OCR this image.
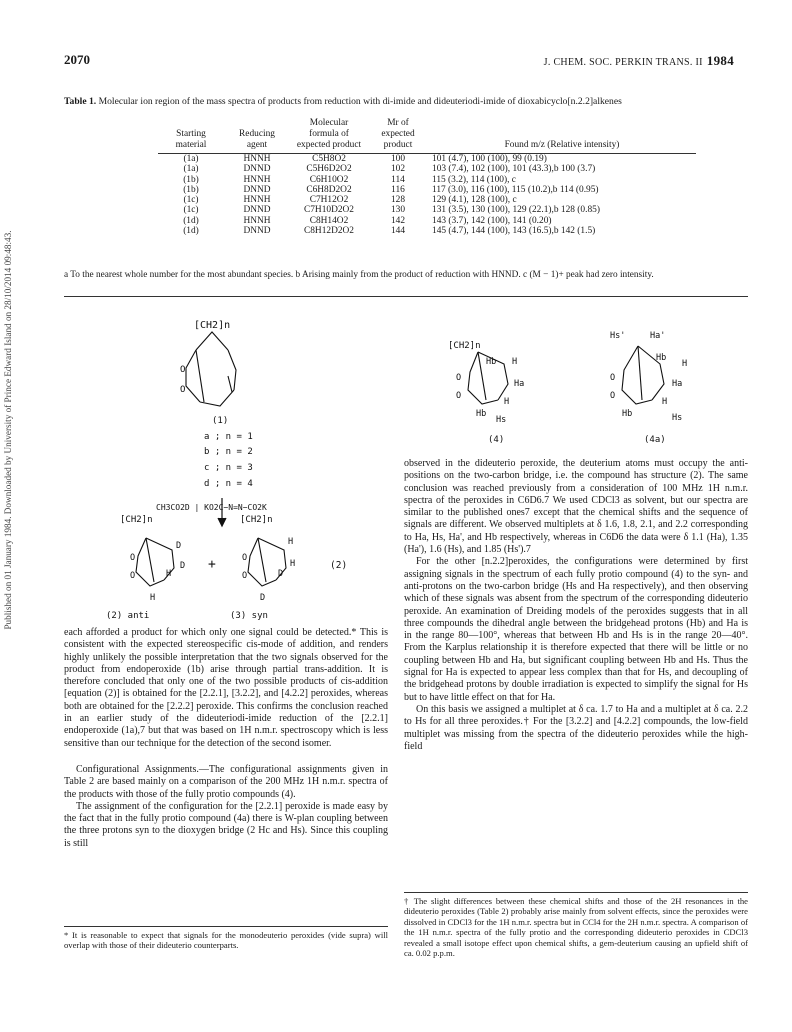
Published on 01 January 1984. Downloaded by University of Prince Edward Island on 28/10/2014 09:48:43.
2070	J. CHEM. SOC. PERKIN TRANS. II 1984
Table 1. Molecular ion region of the mass spectra of products from reduction with di-imide and dideuteriodi-imide of dioxabicyclo[n.2.2]alkenes
Starting material	Reducing agent	Molecular formula of expected product	Mr of expected product	Found m/z (Relative intensity)
(1a)	HNNH	C5H8O2	100	101 (4.7), 100 (100), 99 (0.19)
(1a)	DNND	C5H6D2O2	102	103 (7.4), 102 (100), 101 (43.3),b 100 (3.7)
(1b)	HNNH	C6H10O2	114	115 (3.2), 114 (100), c
(1b)	DNND	C6H8D2O2	116	117 (3.0), 116 (100), 115 (10.2),b 114 (0.95)
(1c)	HNNH	C7H12O2	128	129 (4.1), 128 (100), c
(1c)	DNND	C7H10D2O2	130	131 (3.5), 130 (100), 129 (22.1),b 128 (0.85)
(1d)	HNNH	C8H14O2	142	143 (3.7), 142 (100), 141 (0.20)
(1d)	DNND	C8H12D2O2	144	145 (4.7), 144 (100), 143 (16.5),b 142 (1.5)
a To the nearest whole number for the most abundant species. b Arising mainly from the product of reduction with HNND. c (M − 1)+ peak had zero intensity.
[CH2]n
O
O
(1)
a ; n = 1
b ; n = 2
c ; n = 3
d ; n = 4
CH3CO2D | KO2C−N=N−CO2K
[CH2]n	[CH2]n
O
O
D
D
H
H
+	O
O
H
H
D
D
(2)
(2) anti	(3) syn
[CH2]n
Hb H
Ha
H
Hb
Hs
O
O
(4)
Hs'	Ha'
Hb
H
Ha
H
Hb	Hs
O
O
(4a)

each afforded a product for which only one signal could be detected.* This is consistent with the expected stereospecific cis-mode of addition, and renders highly unlikely the possible interpretation that the two signals observed for the product from endoperoxide (1b) arise through partial trans-addition. It is therefore concluded that only one of the two possible products of cis-addition [equation (2)] is obtained for the [2.2.1], [3.2.2], and [4.2.2] peroxides, whereas both are obtained for the [2.2.2] peroxide. This confirms the conclusion reached in an earlier study of the dideuteriodi-imide reduction of the [2.2.1] endoperoxide (1a),7 but that was based on 1H n.m.r. spectroscopy which is less sensitive than our technique for the detection of the second isomer.

Configurational Assignments.—The configurational assignments given in Table 2 are based mainly on a comparison of the 200 MHz 1H n.m.r. spectra of the products with those of the fully protio compounds (4).

The assignment of the configuration for the [2.2.1] peroxide is made easy by the fact that in the fully protio compound (4a) there is W-plan coupling between the three protons syn to the dioxygen bridge (2 Hc and Hs). Since this coupling is still

* It is reasonable to expect that signals for the monodeuterio peroxides (vide supra) will overlap with those of their dideuterio counterparts.

observed in the dideuterio peroxide, the deuterium atoms must occupy the anti-positions on the two-carbon bridge, i.e. the compound has structure (2). The same conclusion was reached previously from a consideration of 100 MHz 1H n.m.r. spectra of the peroxides in C6D6.7 We used CDCl3 as solvent, but our spectra are similar to the published ones7 except that the chemical shifts and the sequence of signals are different. We observed multiplets at δ 1.6, 1.8, 2.1, and 2.2 corresponding to Ha, Hs, Ha', and Hb respectively, whereas in C6D6 the data were δ 1.1 (Ha), 1.35 (Ha'), 1.6 (Hs), and 1.85 (Hs').7

For the other [n.2.2]peroxides, the configurations were determined by first assigning signals in the spectrum of each fully protio compound (4) to the syn- and anti-protons on the two-carbon bridge (Hs and Ha respectively), and then observing which of these signals was absent from the spectrum of the corresponding dideuterio peroxide. An examination of Dreiding models of the peroxides suggests that in all three compounds the dihedral angle between the bridgehead protons (Hb) and Ha is in the range 80—100°, whereas that between Hb and Hs is in the range 20—40°. From the Karplus relationship it is therefore expected that there will be little or no coupling between Hb and Ha, but significant coupling between Hb and Hs. Thus the signal for Ha is expected to appear less complex than that for Hs, and decoupling of the bridgehead protons by double irradiation is expected to simplify the signal for Hs but to have little effect on that for Ha.

On this basis we assigned a multiplet at δ ca. 1.7 to Ha and a multiplet at δ ca. 2.2 to Hs for all three peroxides.† For the [3.2.2] and [4.2.2] compounds, the low-field multiplet was missing from the spectra of the dideuterio peroxides while the high-field

† The slight differences between these chemical shifts and those of the 2H resonances in the dideuterio peroxides (Table 2) probably arise mainly from solvent effects, since the peroxides were dissolved in CDCl3 for the 1H n.m.r. spectra but in CCl4 for the 2H n.m.r. spectra. A comparison of the 1H n.m.r. spectra of the fully protio and the corresponding dideuterio peroxides in CDCl3 revealed a small isotope effect upon chemical shifts, a gem-deuterium causing an upfield shift of ca. 0.02 p.p.m.
